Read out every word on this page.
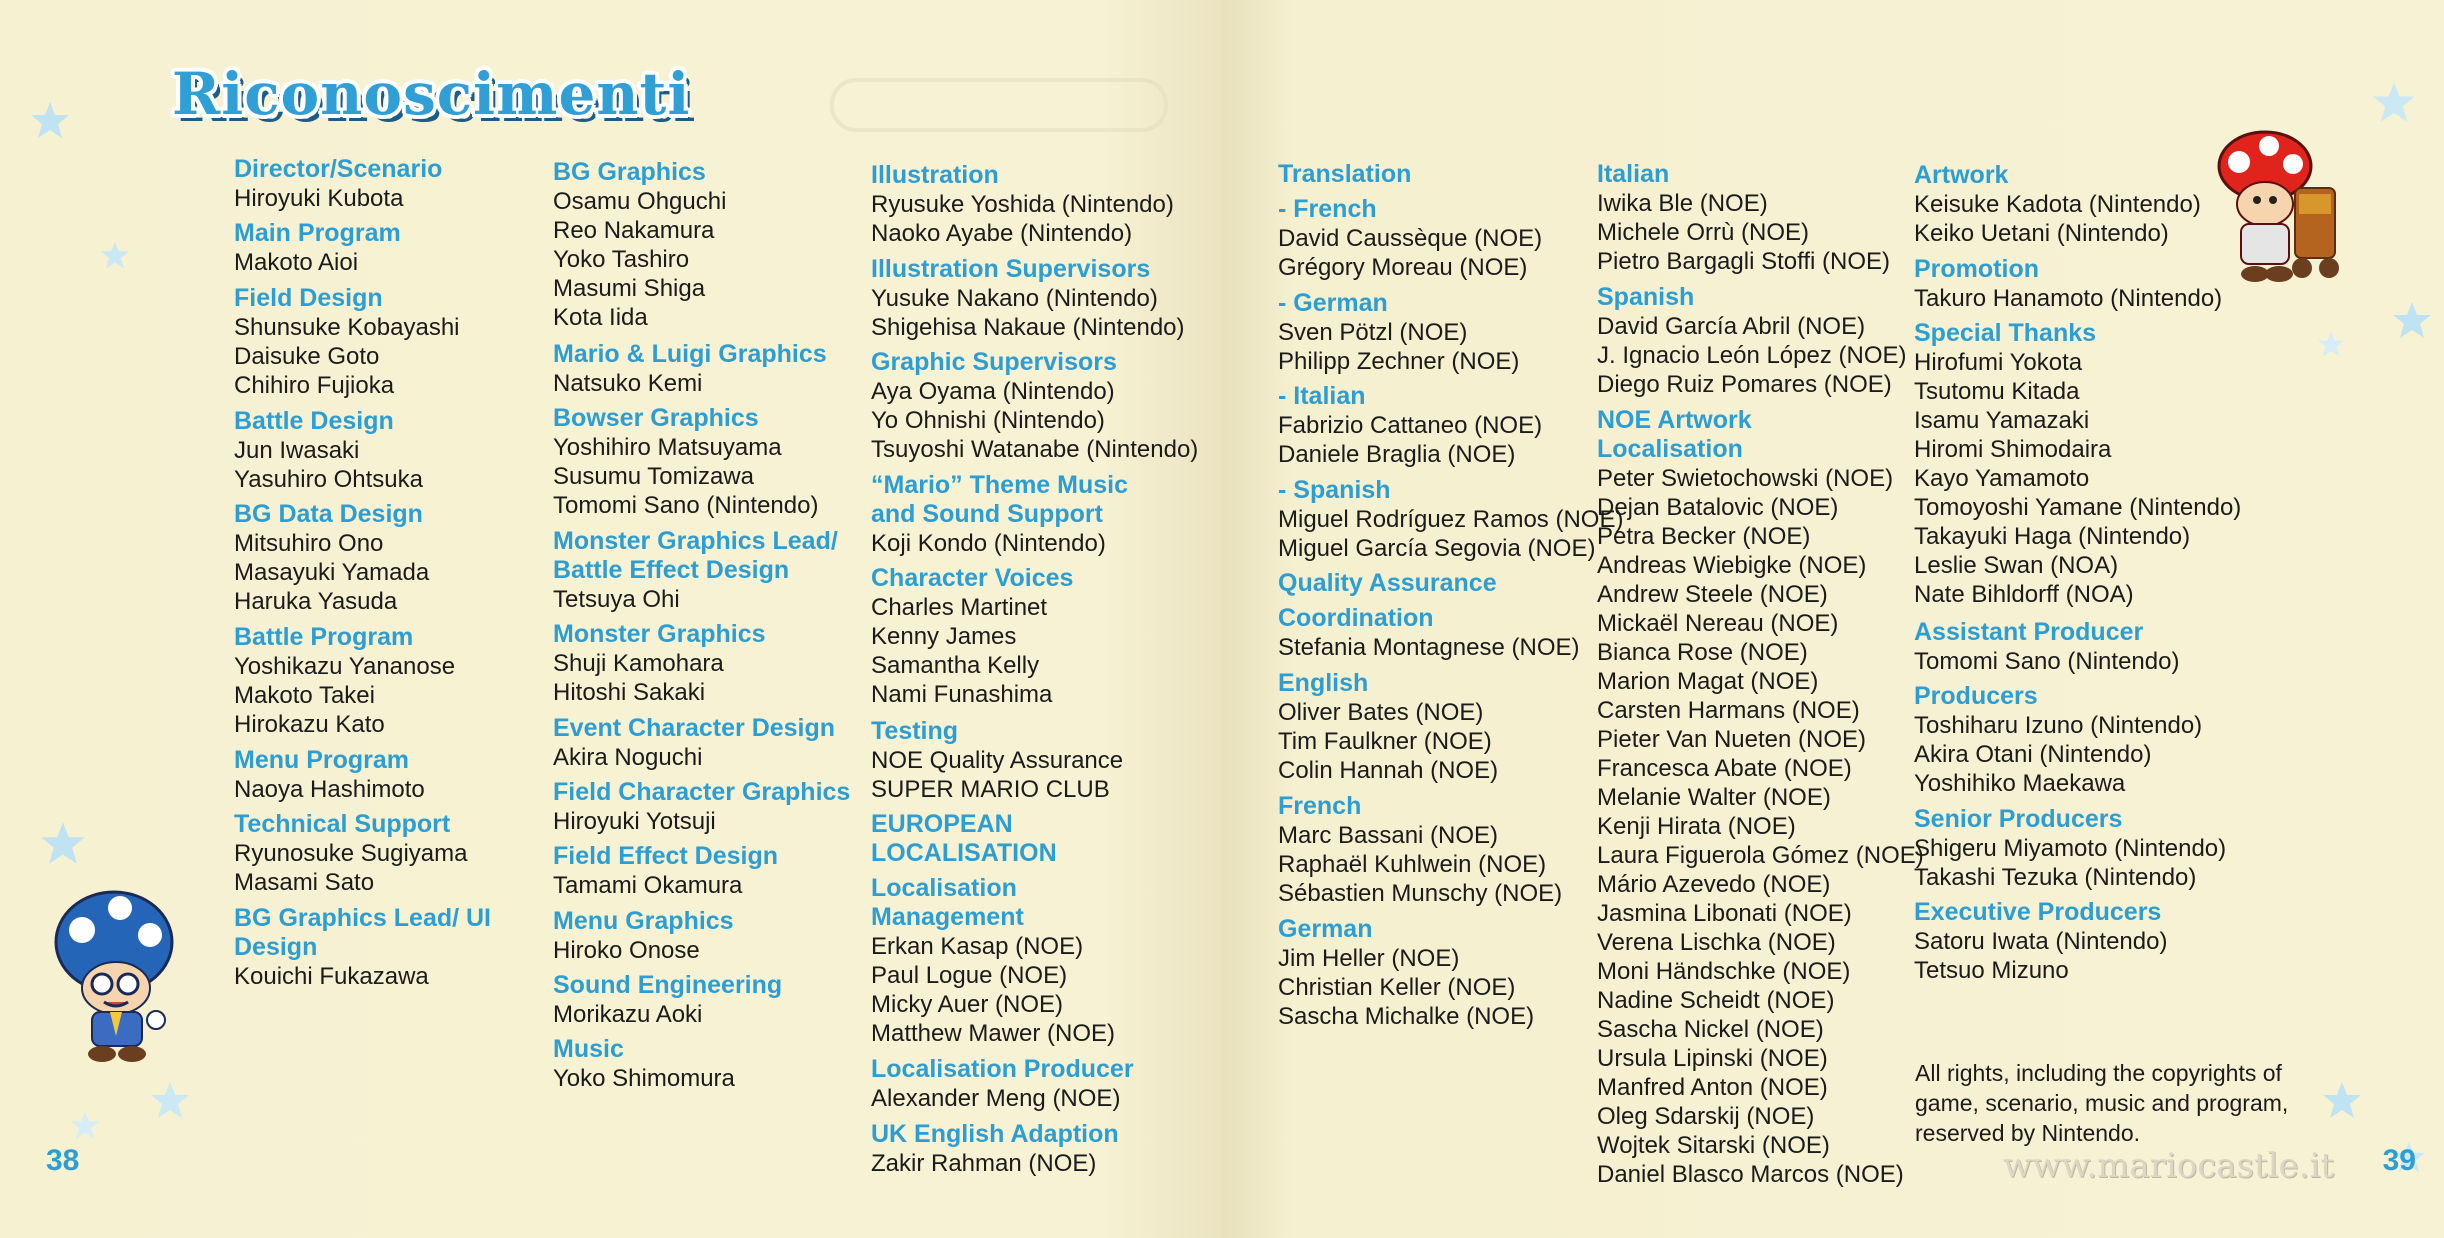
Riconoscimenti
Director/Scenario
Hiroyuki Kubota
Main Program
Makoto Aioi
Field Design
Shunsuke Kobayashi
Daisuke Goto
Chihiro Fujioka
Battle Design
Jun Iwasaki
Yasuhiro Ohtsuka
BG Data Design
Mitsuhiro Ono
Masayuki Yamada
Haruka Yasuda
Battle Program
Yoshikazu Yananose
Makoto Takei
Hirokazu Kato
Menu Program
Naoya Hashimoto
Technical Support
Ryunosuke Sugiyama
Masami Sato
BG Graphics Lead/ UI Design
Kouichi Fukazawa
BG Graphics
Osamu Ohguchi
Reo Nakamura
Yoko Tashiro
Masumi Shiga
Kota Iida
Mario & Luigi Graphics
Natsuko Kemi
Bowser Graphics
Yoshihiro Matsuyama
Susumu Tomizawa
Tomomi Sano (Nintendo)
Monster Graphics Lead/ Battle Effect Design
Tetsuya Ohi
Monster Graphics
Shuji Kamohara
Hitoshi Sakaki
Event Character Design
Akira Noguchi
Field Character Graphics
Hiroyuki Yotsuji
Field Effect Design
Tamami Okamura
Menu Graphics
Hiroko Onose
Sound Engineering
Morikazu Aoki
Music
Yoko Shimomura
Illustration
Ryusuke Yoshida (Nintendo)
Naoko Ayabe (Nintendo)
Illustration Supervisors
Yusuke Nakano (Nintendo)
Shigehisa Nakaue (Nintendo)
Graphic Supervisors
Aya Oyama (Nintendo)
Yo Ohnishi (Nintendo)
Tsuyoshi Watanabe (Nintendo)
“Mario” Theme Music and Sound Support
Koji Kondo (Nintendo)
Character Voices
Charles Martinet
Kenny James
Samantha Kelly
Nami Funashima
Testing
NOE Quality Assurance
SUPER MARIO CLUB
EUROPEAN LOCALISATION
Localisation Management
Erkan Kasap (NOE)
Paul Logue (NOE)
Micky Auer (NOE)
Matthew Mawer (NOE)
Localisation Producer
Alexander Meng (NOE)
UK English Adaption
Zakir Rahman (NOE)
38
Translation
- French
David Caussèque (NOE)
Grégory Moreau (NOE)
- German
Sven Pötzl (NOE)
Philipp Zechner (NOE)
- Italian
Fabrizio Cattaneo (NOE)
Daniele Braglia (NOE)
- Spanish
Miguel Rodríguez Ramos (NOE)
Miguel García Segovia (NOE)
Quality Assurance
Coordination
Stefania Montagnese (NOE)
English
Oliver Bates (NOE)
Tim Faulkner (NOE)
Colin Hannah (NOE)
French
Marc Bassani (NOE)
Raphaël Kuhlwein (NOE)
Sébastien Munschy (NOE)
German
Jim Heller (NOE)
Christian Keller (NOE)
Sascha Michalke (NOE)
Italian
Iwika Ble (NOE)
Michele Orrù (NOE)
Pietro Bargagli Stoffi (NOE)
Spanish
David García Abril (NOE)
J. Ignacio León López (NOE)
Diego Ruiz Pomares (NOE)
NOE Artwork Localisation
Peter Swietochowski (NOE)
Dejan Batalovic (NOE)
Petra Becker (NOE)
Andreas Wiebigke (NOE)
Andrew Steele (NOE)
Mickaël Nereau (NOE)
Bianca Rose (NOE)
Marion Magat (NOE)
Carsten Harmans (NOE)
Pieter Van Nueten (NOE)
Francesca Abate (NOE)
Melanie Walter (NOE)
Kenji Hirata (NOE)
Laura Figuerola Gómez (NOE)
Mário Azevedo (NOE)
Jasmina Libonati (NOE)
Verena Lischka (NOE)
Moni Händschke (NOE)
Nadine Scheidt (NOE)
Sascha Nickel (NOE)
Ursula Lipinski (NOE)
Manfred Anton (NOE)
Oleg Sdarskij (NOE)
Wojtek Sitarski (NOE)
Daniel Blasco Marcos (NOE)
Artwork
Keisuke Kadota (Nintendo)
Keiko Uetani (Nintendo)
Promotion
Takuro Hanamoto (Nintendo)
Special Thanks
Hirofumi Yokota
Tsutomu Kitada
Isamu Yamazaki
Hiromi Shimodaira
Kayo Yamamoto
Tomoyoshi Yamane (Nintendo)
Takayuki Haga (Nintendo)
Leslie Swan (NOA)
Nate Bihldorff (NOA)
Assistant Producer
Tomomi Sano (Nintendo)
Producers
Toshiharu Izuno (Nintendo)
Akira Otani (Nintendo)
Yoshihiko Maekawa
Senior Producers
Shigeru Miyamoto (Nintendo)
Takashi Tezuka (Nintendo)
Executive Producers
Satoru Iwata (Nintendo)
Tetsuo Mizuno
All rights, including the copyrights of game, scenario, music and program, reserved by Nintendo.
www.mariocastle.it 39
